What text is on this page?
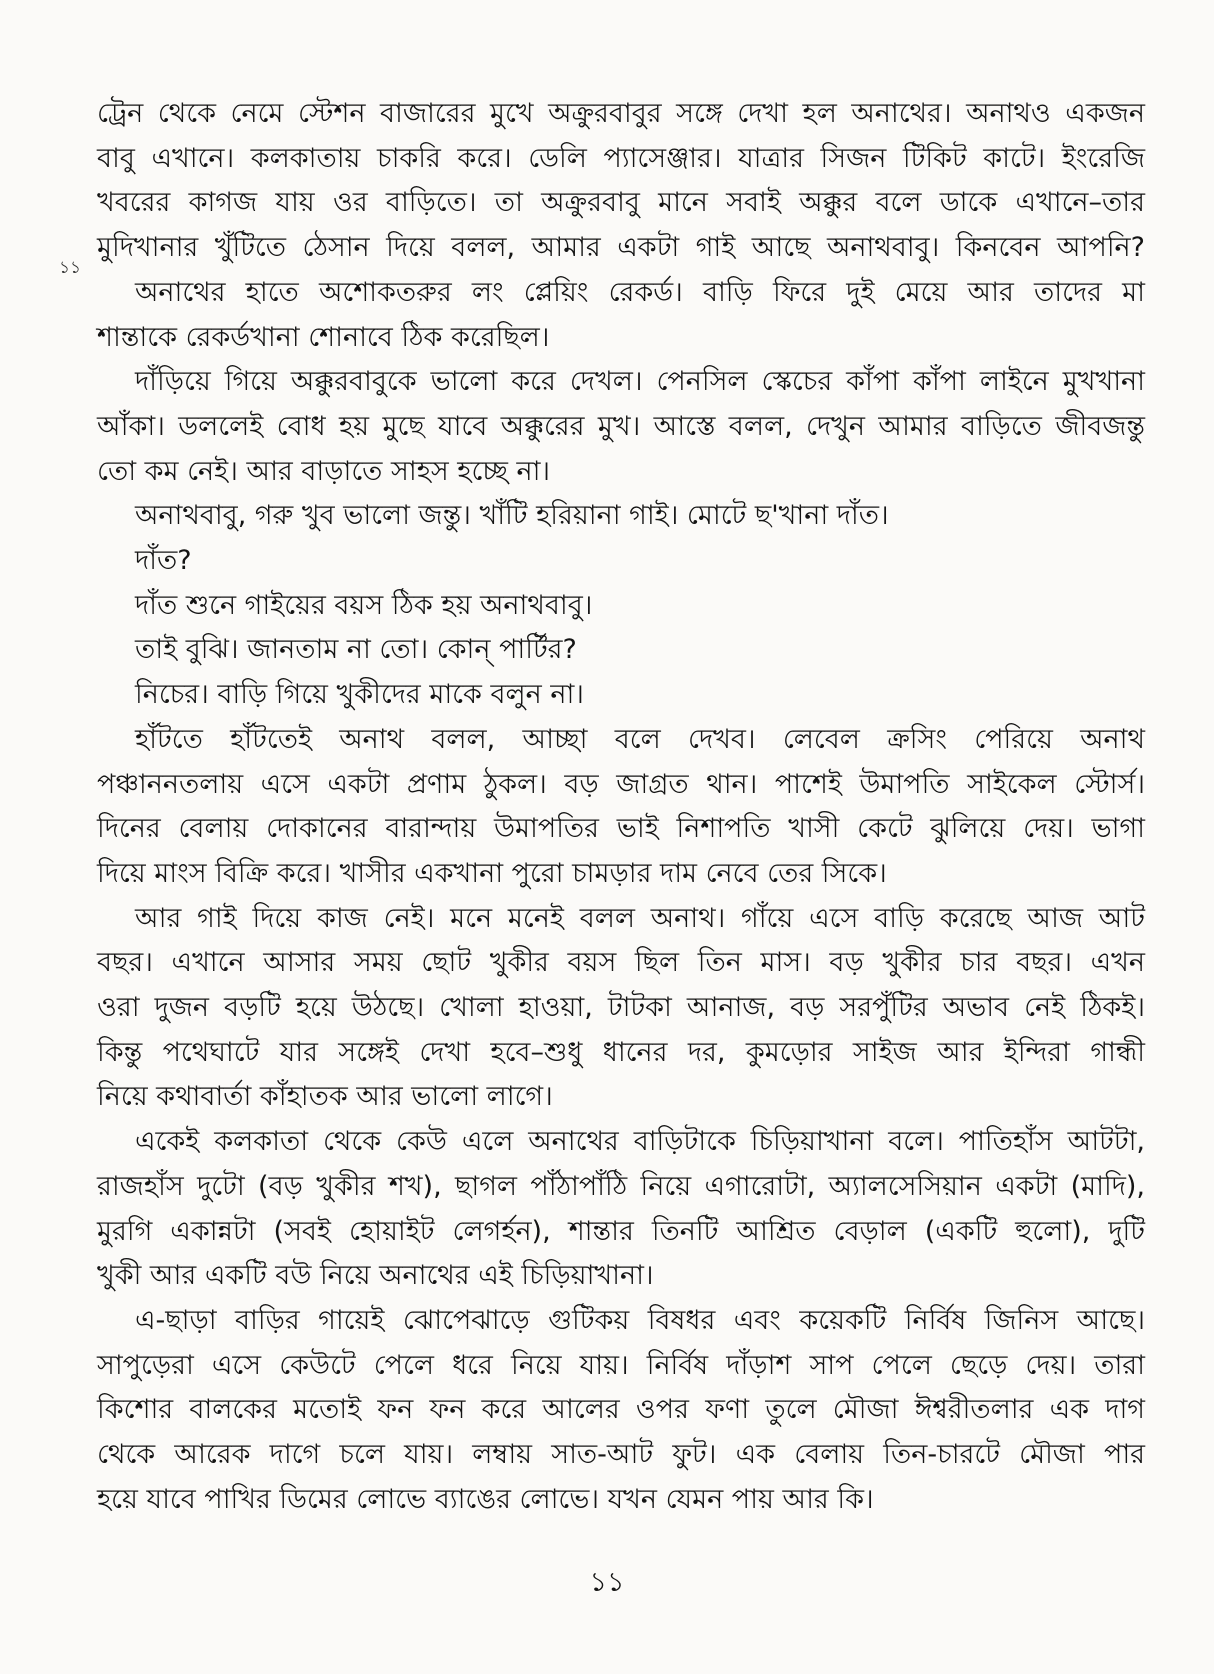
ট্রেন থেকে নেমে স্টেশন বাজারের মুখে অক্রুরবাবুর সঙ্গে দেখা হল অনাথের। অনাথও একজন
বাবু এখানে। কলকাতায় চাকরি করে। ডেলি প্যাসেঞ্জার। যাত্রার সিজন টিকিট কাটে। ইংরেজি
খবরের কাগজ যায় ওর বাড়িতে। তা অক্রুরবাবু মানে সবাই অক্কুর বলে ডাকে এখানে–তার
মুদিখানার খুঁটিতে ঠেসান দিয়ে বলল, আমার একটা গাই আছে অনাথবাবু। কিনবেন আপনি?
অনাথের হাতে অশোকতরুর লং প্লেয়িং রেকর্ড। বাড়ি ফিরে দুই মেয়ে আর তাদের মা
শান্তাকে রেকর্ডখানা শোনাবে ঠিক করেছিল।
দাঁড়িয়ে গিয়ে অক্কুরবাবুকে ভালো করে দেখল। পেনসিল স্কেচের কাঁপা কাঁপা লাইনে মুখখানা
আঁকা। ডললেই বোধ হয় মুছে যাবে অক্কুরের মুখ। আস্তে বলল, দেখুন আমার বাড়িতে জীবজন্তু
তো কম নেই। আর বাড়াতে সাহস হচ্ছে না।
অনাথবাবু, গরু খুব ভালো জন্তু। খাঁটি হরিয়ানা গাই। মোটে ছ'খানা দাঁত।
দাঁত?
দাঁত শুনে গাইয়ের বয়স ঠিক হয় অনাথবাবু।
তাই বুঝি। জানতাম না তো। কোন্ পার্টির?
নিচের। বাড়ি গিয়ে খুকীদের মাকে বলুন না।
হাঁটতে হাঁটতেই অনাথ বলল, আচ্ছা বলে দেখব। লেবেল ক্রসিং পেরিয়ে অনাথ
পঞ্চাননতলায় এসে একটা প্রণাম ঠুকল। বড় জাগ্রত থান। পাশেই উমাপতি সাইকেল স্টোর্স।
দিনের বেলায় দোকানের বারান্দায় উমাপতির ভাই নিশাপতি খাসী কেটে ঝুলিয়ে দেয়। ভাগা
দিয়ে মাংস বিক্রি করে। খাসীর একখানা পুরো চামড়ার দাম নেবে তের সিকে।
আর গাই দিয়ে কাজ নেই। মনে মনেই বলল অনাথ। গাঁয়ে এসে বাড়ি করেছে আজ আট
বছর। এখানে আসার সময় ছোট খুকীর বয়স ছিল তিন মাস। বড় খুকীর চার বছর। এখন
ওরা দুজন বড়টি হয়ে উঠছে। খোলা হাওয়া, টাটকা আনাজ, বড় সরপুঁটির অভাব নেই ঠিকই।
কিন্তু পথেঘাটে যার সঙ্গেই দেখা হবে–শুধু ধানের দর, কুমড়োর সাইজ আর ইন্দিরা গান্ধী
নিয়ে কথাবার্তা কাঁহাতক আর ভালো লাগে।
একেই কলকাতা থেকে কেউ এলে অনাথের বাড়িটাকে চিড়িয়াখানা বলে। পাতিহাঁস আটটা,
রাজহাঁস দুটো (বড় খুকীর শখ), ছাগল পাঁঠাপাঁঠি নিয়ে এগারোটা, অ্যালসেসিয়ান একটা (মাদি),
মুরগি একান্নটা (সবই হোয়াইট লেগর্হন), শান্তার তিনটি আশ্রিত বেড়াল (একটি হুলো), দুটি
খুকী আর একটি বউ নিয়ে অনাথের এই চিড়িয়াখানা।
এ-ছাড়া বাড়ির গায়েই ঝোপেঝাড়ে গুটিকয় বিষধর এবং কয়েকটি নির্বিষ জিনিস আছে।
সাপুড়েরা এসে কেউটে পেলে ধরে নিয়ে যায়। নির্বিষ দাঁড়াশ সাপ পেলে ছেড়ে দেয়। তারা
কিশোর বালকের মতোই ফন ফন করে আলের ওপর ফণা তুলে মৌজা ঈশ্বরীতলার এক দাগ
থেকে আরেক দাগে চলে যায়। লম্বায় সাত-আট ফুট। এক বেলায় তিন-চারটে মৌজা পার
হয়ে যাবে পাখির ডিমের লোভে ব্যাঙের লোভে। যখন যেমন পায় আর কি।
১১
১১
